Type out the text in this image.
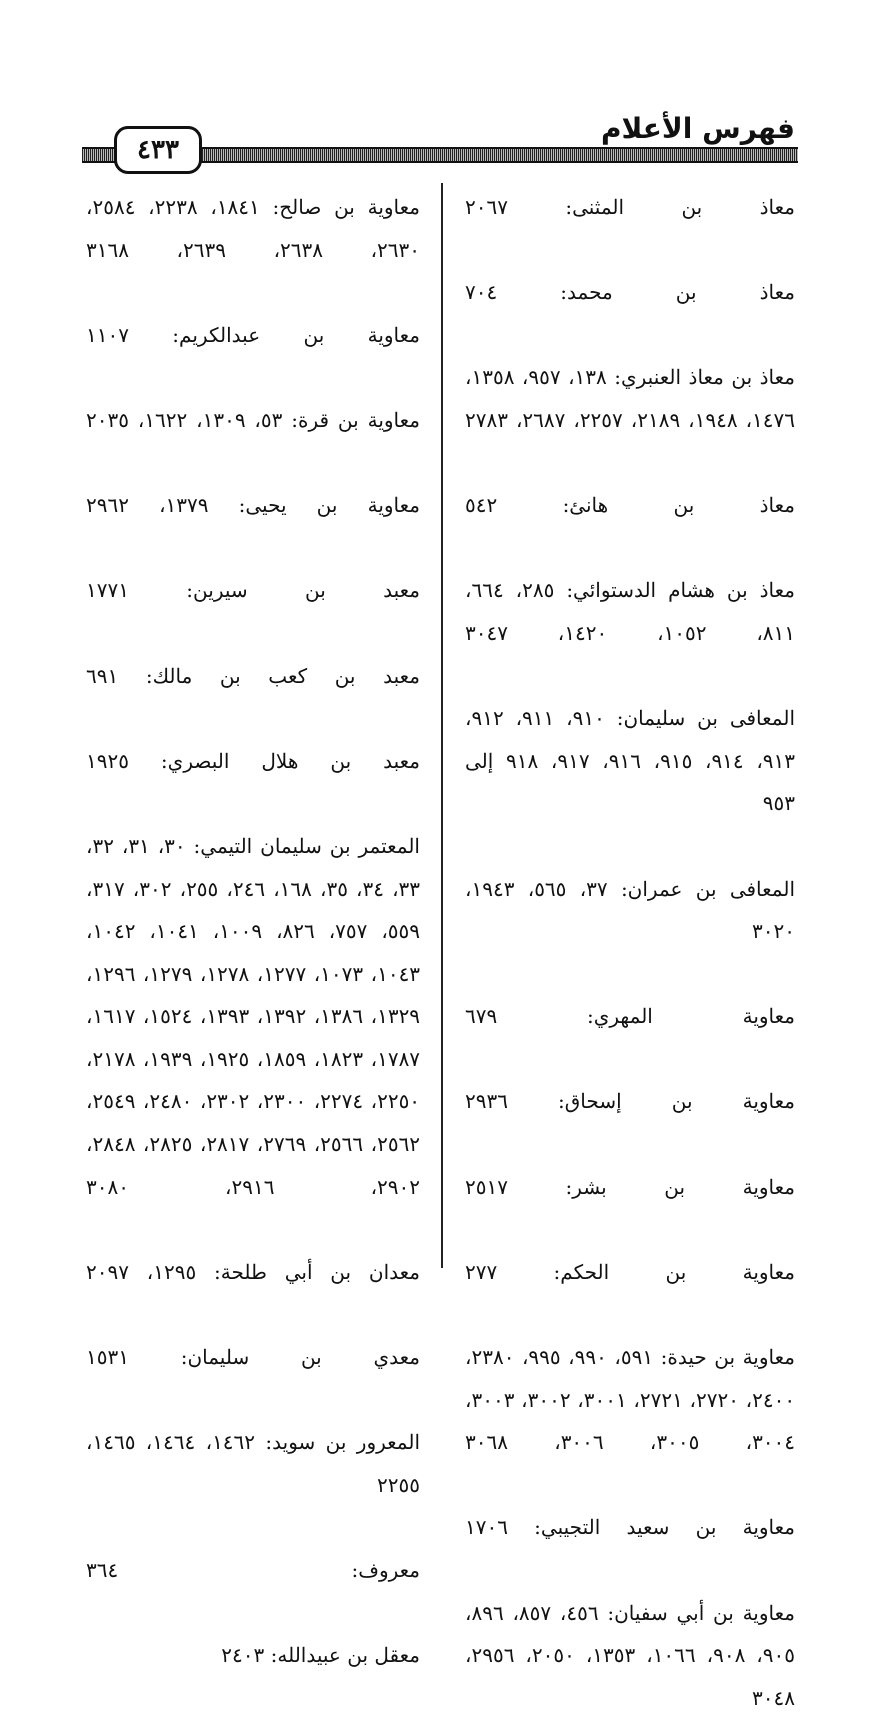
٤٣٣
فهرس الأعلام

معاذ بن المثنى: ٢٠٦٧

معاذ بن محمد: ٧٠٤

معاذ بن معاذ العنبري: ١٣٨، ٩٥٧، ١٣٥٨، ١٤٧٦، ١٩٤٨، ٢١٨٩، ٢٢٥٧، ٢٦٨٧، ٢٧٨٣

معاذ بن هانئ: ٥٤٢

معاذ بن هشام الدستوائي: ٢٨٥، ٦٦٤، ٨١١، ١٠٥٢، ١٤٢٠، ٣٠٤٧

المعافى بن سليمان: ٩١٠، ٩١١، ٩١٢، ٩١٣، ٩١٤، ٩١٥، ٩١٦، ٩١٧، ٩١٨ إلى ٩٥٣

المعافى بن عمران: ٣٧، ٥٦٥، ١٩٤٣، ٣٠٢٠

معاوية المهري: ٦٧٩

معاوية بن إسحاق: ٢٩٣٦

معاوية بن بشر: ٢٥١٧

معاوية بن الحكم: ٢٧٧

معاوية بن حيدة: ٥٩١، ٩٩٠، ٩٩٥، ٢٣٨٠، ٢٤٠٠، ٢٧٢٠، ٢٧٢١، ٣٠٠١، ٣٠٠٢، ٣٠٠٣، ٣٠٠٤، ٣٠٠٥، ٣٠٠٦، ٣٠٦٨

معاوية بن سعيد التجيبي: ١٧٠٦

معاوية بن أبي سفيان: ٤٥٦، ٨٥٧، ٨٩٦، ٩٠٥، ٩٠٨، ١٠٦٦، ١٣٥٣، ٢٠٥٠، ٢٩٥٦، ٣٠٤٨

معاوية بن صالح: ١٨٤١، ٢٢٣٨، ٢٥٨٤، ٢٦٣٠، ٢٦٣٨، ٢٦٣٩، ٣١٦٨

معاوية بن عبدالكريم: ١١٠٧

معاوية بن قرة: ٥٣، ١٣٠٩، ١٦٢٢، ٢٠٣٥

معاوية بن يحيى: ١٣٧٩، ٢٩٦٢

معبد بن سيرين: ١٧٧١

معبد بن كعب بن مالك: ٦٩١

معبد بن هلال البصري: ١٩٢٥

المعتمر بن سليمان التيمي: ٣٠، ٣١، ٣٢، ٣٣، ٣٤، ٣٥، ١٦٨، ٢٤٦، ٢٥٥، ٣٠٢، ٣١٧، ٥٥٩، ٧٥٧، ٨٢٦، ١٠٠٩، ١٠٤١، ١٠٤٢، ١٠٤٣، ١٠٧٣، ١٢٧٧، ١٢٧٨، ١٢٧٩، ١٢٩٦، ١٣٢٩، ١٣٨٦، ١٣٩٢، ١٣٩٣، ١٥٢٤، ١٦١٧، ١٧٨٧، ١٨٢٣، ١٨٥٩، ١٩٢٥، ١٩٣٩، ٢١٧٨، ٢٢٥٠، ٢٢٧٤، ٢٣٠٠، ٢٣٠٢، ٢٤٨٠، ٢٥٤٩، ٢٥٦٢، ٢٥٦٦، ٢٧٦٩، ٢٨١٧، ٢٨٢٥، ٢٨٤٨، ٢٩٠٢، ٢٩١٦، ٣٠٨٠

معدان بن أبي طلحة: ١٢٩٥، ٢٠٩٧

معدي بن سليمان: ١٥٣١

المعرور بن سويد: ١٤٦٢، ١٤٦٤، ١٤٦٥، ٢٢٥٥

معروف: ٣٦٤

معقل بن عبيدالله: ٢٤٠٣
